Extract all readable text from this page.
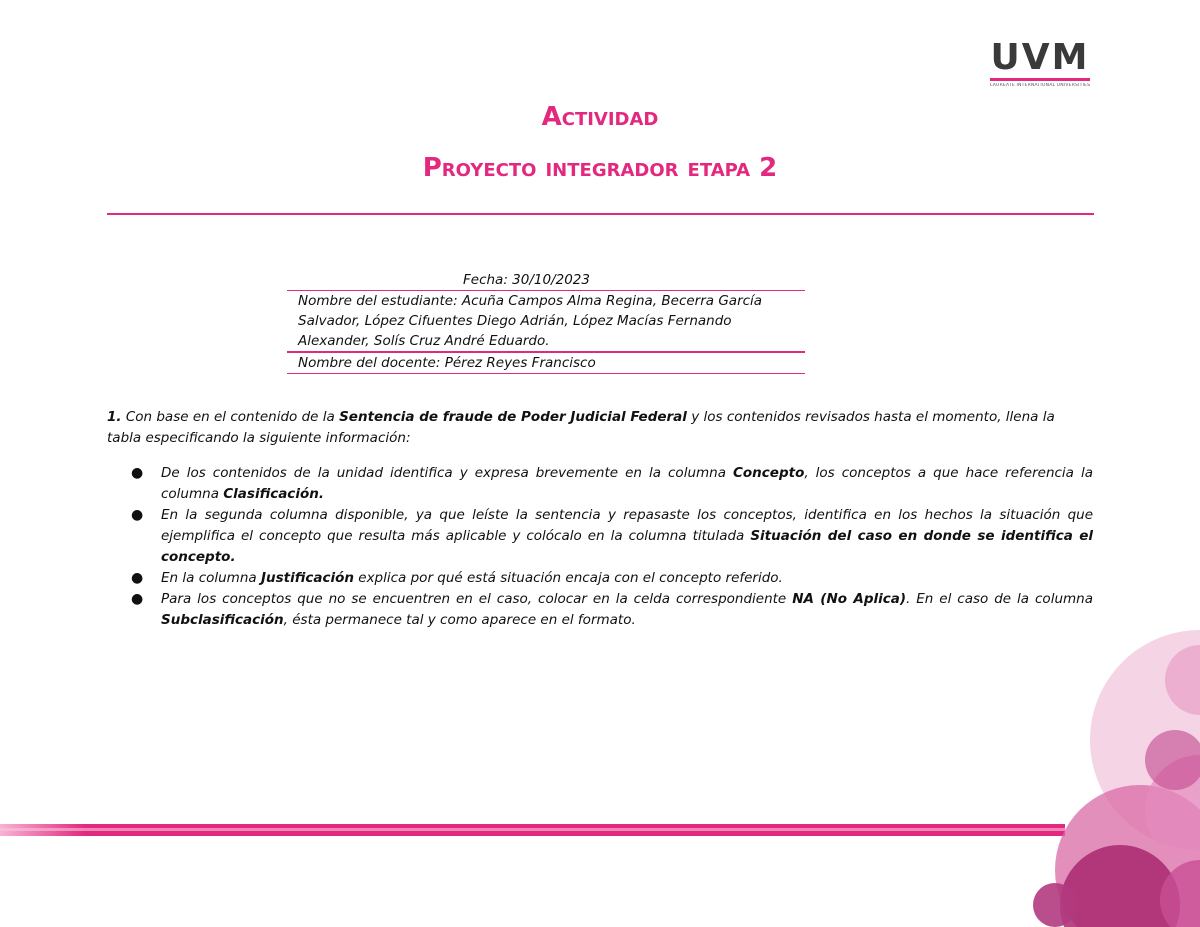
UVM
LAUREATE INTERNATIONAL UNIVERSITIES
Actividad
Proyecto integrador etapa 2
Fecha: 30/10/2023
Nombre del estudiante: Acuña Campos Alma Regina, Becerra García Salvador, López Cifuentes Diego Adrián, López Macías Fernando Alexander, Solís Cruz André Eduardo.
Nombre del docente: Pérez Reyes Francisco

1. Con base en el contenido de la Sentencia de fraude de Poder Judicial Federal y los contenidos revisados hasta el momento, llena la tabla especificando la siguiente información:

● De los contenidos de la unidad identifica y expresa brevemente en la columna Concepto, los conceptos a que hace referencia la columna Clasificación.
● En la segunda columna disponible, ya que leíste la sentencia y repasaste los conceptos, identifica en los hechos la situación que ejemplifica el concepto que resulta más aplicable y colócalo en la columna titulada Situación del caso en donde se identifica el concepto.
● En la columna Justificación explica por qué está situación encaja con el concepto referido.
● Para los conceptos que no se encuentren en el caso, colocar en la celda correspondiente NA (No Aplica). En el caso de la columna Subclasificación, ésta permanece tal y como aparece en el formato.
